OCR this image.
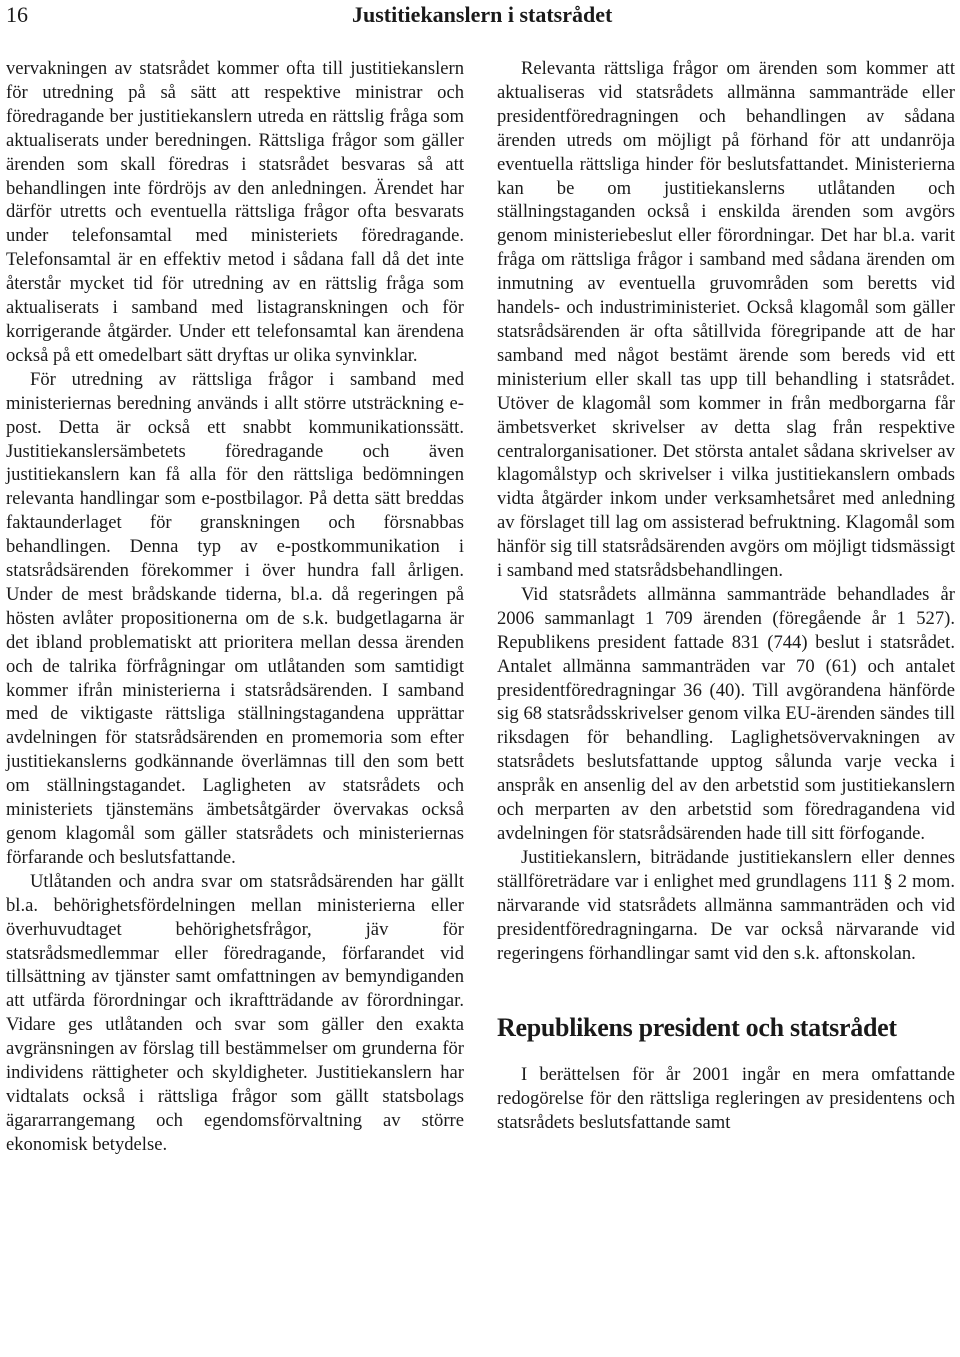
16	Justitiekanslern i statsrådet

vervakningen av statsrådet kommer ofta till justitiekanslern för utredning på så sätt att respektive ministrar och föredragande ber justitiekanslern utreda en rättslig fråga som aktualiserats under beredningen. Rättsliga frågor som gäller ärenden som skall föredras i statsrådet besvaras så att behandlingen inte fördröjs av den anledningen. Ärendet har därför utretts och eventuella rättsliga frågor ofta besvarats under telefonsamtal med ministeriets föredragande. Telefonsamtal är en effektiv metod i sådana fall då det inte återstår mycket tid för utredning av en rättslig fråga som aktualiserats i samband med listagranskningen och för korrigerande åtgärder. Under ett telefonsamtal kan ärendena också på ett omedelbart sätt dryftas ur olika synvinklar.

För utredning av rättsliga frågor i samband med ministeriernas beredning används i allt större utsträckning e-post. Detta är också ett snabbt kommunikationssätt. Justitiekanslersämbetets föredragande och även justitiekanslern kan få alla för den rättsliga bedömningen relevanta handlingar som e-postbilagor. På detta sätt breddas faktaunderlaget för granskningen och försnabbas behandlingen. Denna typ av e-postkommunikation i statsrådsärenden förekommer i över hundra fall årligen. Under de mest brådskande tiderna, bl.a. då regeringen på hösten avlåter propositionerna om de s.k. budgetlagarna är det ibland problematiskt att prioritera mellan dessa ärenden och de talrika förfrågningar om utlåtanden som samtidigt kommer ifrån ministerierna i statsrådsärenden. I samband med de viktigaste rättsliga ställningstagandena upprättar avdelningen för statsrådsärenden en promemoria som efter justitiekanslerns godkännande överlämnas till den som bett om ställningstagandet. Lagligheten av statsrådets och ministeriets tjänstemäns ämbetsåtgärder övervakas också genom klagomål som gäller statsrådets och ministeriernas förfarande och beslutsfattande.

Utlåtanden och andra svar om statsrådsärenden har gällt bl.a. behörighetsfördelningen mellan ministerierna eller överhuvudtaget behörighetsfrågor, jäv för statsrådsmedlemmar eller föredragande, förfarandet vid tillsättning av tjänster samt omfattningen av bemyndiganden att utfärda förordningar och ikraftträdande av förordningar. Vidare ges utlåtanden och svar som gäller den exakta avgränsningen av förslag till bestämmelser om grunderna för individens rättigheter och skyldigheter. Justitiekanslern har vidtalats också i rättsliga frågor som gällt statsbolags ägararrangemang och egendomsförvaltning av större ekonomisk betydelse.

Relevanta rättsliga frågor om ärenden som kommer att aktualiseras vid statsrådets allmänna sammanträde eller presidentföredragningen och behandlingen av sådana ärenden utreds om möjligt på förhand för att undanröja eventuella rättsliga hinder för beslutsfattandet. Ministerierna kan be om justitiekanslerns utlåtanden och ställningstaganden också i enskilda ärenden som avgörs genom ministeriebeslut eller förordningar. Det har bl.a. varit fråga om rättsliga frågor i samband med sådana ärenden om inmutning av eventuella gruvområden som beretts vid handels- och industriministeriet. Också klagomål som gäller statsrådsärenden är ofta såtillvida föregripande att de har samband med något bestämt ärende som bereds vid ett ministerium eller skall tas upp till behandling i statsrådet. Utöver de klagomål som kommer in från medborgarna får ämbetsverket skrivelser av detta slag från respektive centralorganisationer. Det största antalet sådana skrivelser av klagomålstyp och skrivelser i vilka justitiekanslern ombads vidta åtgärder inkom under verksamhetsåret med anledning av förslaget till lag om assisterad befruktning. Klagomål som hänför sig till statsrådsärenden avgörs om möjligt tidsmässigt i samband med statsrådsbehandlingen.

Vid statsrådets allmänna sammanträde behandlades år 2006 sammanlagt 1 709 ärenden (föregående år 1 527). Republikens president fattade 831 (744) beslut i statsrådet. Antalet allmänna sammanträden var 70 (61) och antalet presidentföredragningar 36 (40). Till avgörandena hänförde sig 68 statsrådsskrivelser genom vilka EU-ärenden sändes till riksdagen för behandling. Laglighetsövervakningen av statsrådets beslutsfattande upptog sålunda varje vecka i anspråk en ansenlig del av den arbetstid som justitiekanslern och merparten av den arbetstid som föredragandena vid avdelningen för statsrådsärenden hade till sitt förfogande.

Justitiekanslern, biträdande justitiekanslern eller dennes ställföreträdare var i enlighet med grundlagens 111 § 2 mom. närvarande vid statsrådets allmänna sammanträden och vid presidentföredragningarna. De var också närvarande vid regeringens förhandlingar samt vid den s.k. aftonskolan.

Republikens president och statsrådet

I berättelsen för år 2001 ingår en mera omfattande redogörelse för den rättsliga regleringen av presidentens och statsrådets beslutsfattande samt
